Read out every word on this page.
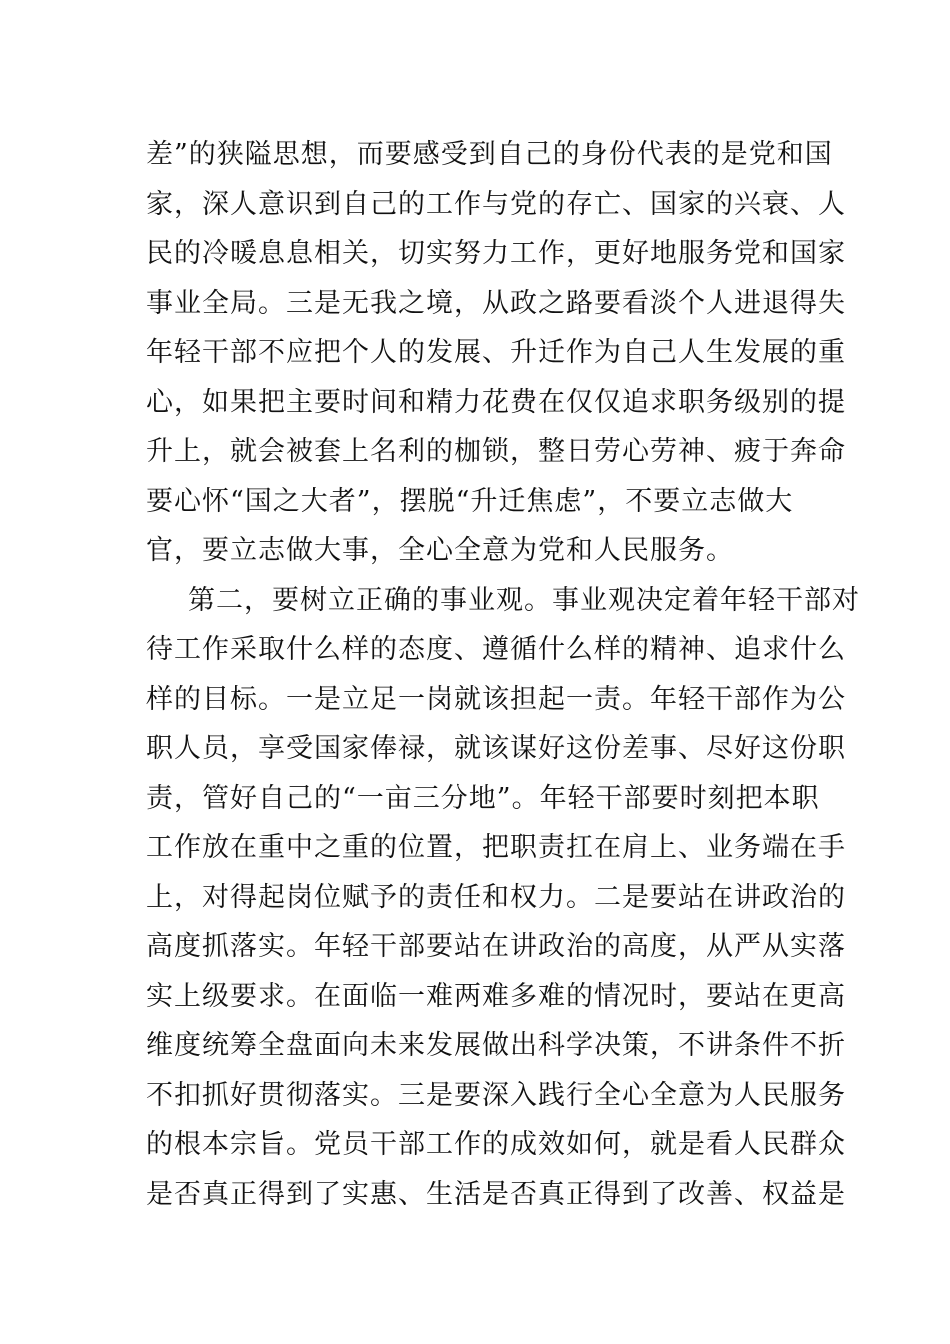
差”的狭隘思想，而要感受到自己的身份代表的是党和国
家，深人意识到自己的工作与党的存亡、国家的兴衰、人
民的冷暖息息相关，切实努力工作，更好地服务党和国家
事业全局。三是无我之境，从政之路要看淡个人进退得失
年轻干部不应把个人的发展、升迁作为自己人生发展的重
心，如果把主要时间和精力花费在仅仅追求职务级别的提
升上，就会被套上名利的枷锁，整日劳心劳神、疲于奔命
要心怀“国之大者”，摆脱“升迁焦虑”，不要立志做大
官，要立志做大事，全心全意为党和人民服务。
第二，要树立正确的事业观。事业观决定着年轻干部对
待工作采取什么样的态度、遵循什么样的精神、追求什么
样的目标。一是立足一岗就该担起一责。年轻干部作为公
职人员，享受国家俸禄，就该谋好这份差事、尽好这份职
责，管好自己的“一亩三分地”。年轻干部要时刻把本职
工作放在重中之重的位置，把职责扛在肩上、业务端在手
上，对得起岗位赋予的责任和权力。二是要站在讲政治的
高度抓落实。年轻干部要站在讲政治的高度，从严从实落
实上级要求。在面临一难两难多难的情况时，要站在更高
维度统筹全盘面向未来发展做出科学决策，不讲条件不折
不扣抓好贯彻落实。三是要深入践行全心全意为人民服务
的根本宗旨。党员干部工作的成效如何，就是看人民群众
是否真正得到了实惠、生活是否真正得到了改善、权益是
